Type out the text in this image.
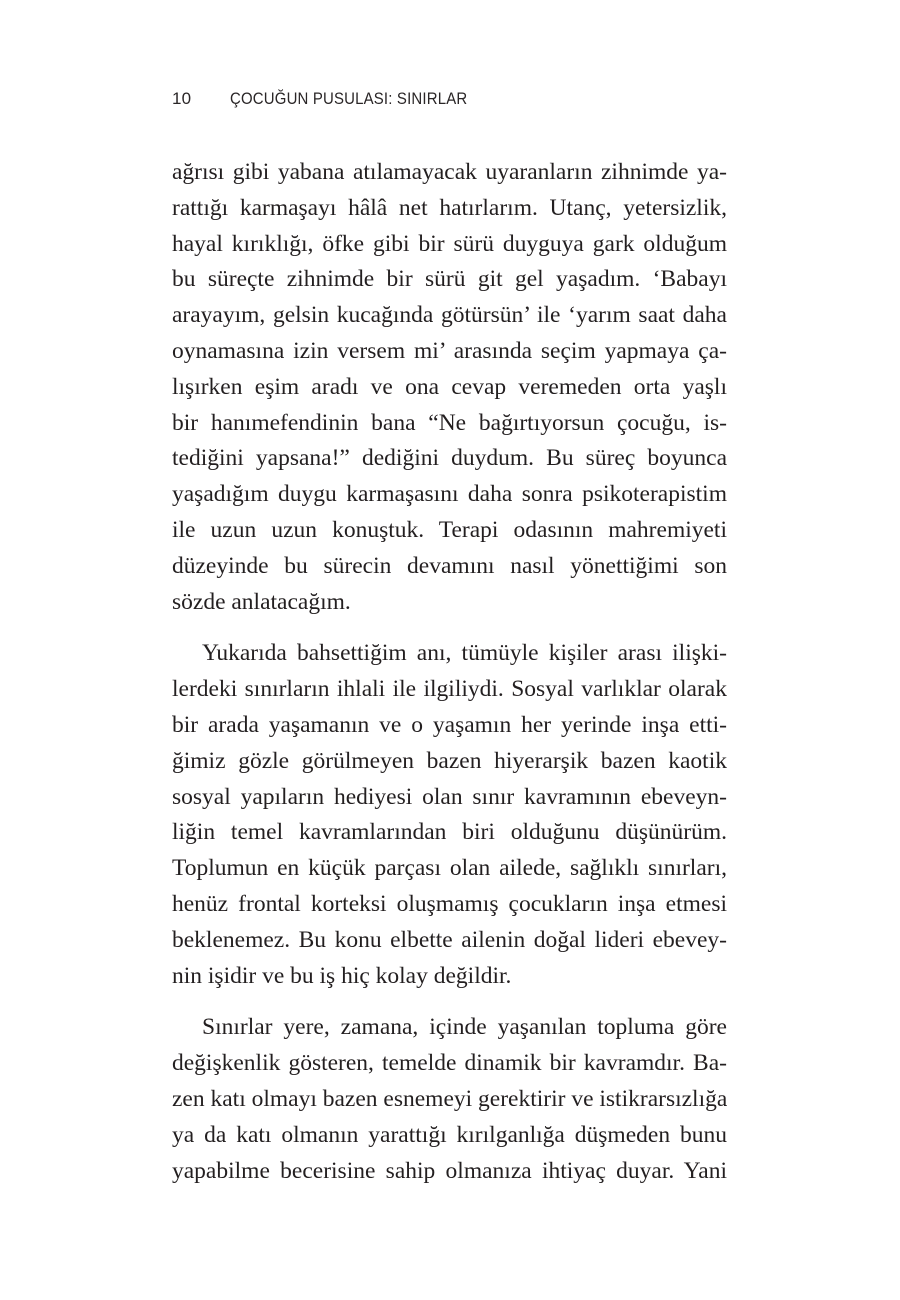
10	ÇOCUĞUN PUSULASI: SINIRLAR
ağrısı gibi yabana atılamayacak uyaranların zihnimde ya-
rattığı karmaşayı hâlâ net hatırlarım. Utanç, yetersizlik,
hayal kırıklığı, öfke gibi bir sürü duyguya gark olduğum
bu süreçte zihnimde bir sürü git gel yaşadım. ‘Babayı
arayayım, gelsin kucağında götürsün’ ile ‘yarım saat daha
oynamasına izin versem mi’ arasında seçim yapmaya ça-
lışırken eşim aradı ve ona cevap veremeden orta yaşlı
bir hanımefendinin bana “Ne bağırtıyorsun çocuğu, is-
tediğini yapsana!” dediğini duydum. Bu süreç boyunca
yaşadığım duygu karmaşasını daha sonra psikoterapistim
ile uzun uzun konuştuk. Terapi odasının mahremiyeti
düzeyinde bu sürecin devamını nasıl yönettiğimi son
sözde anlatacağım.
Yukarıda bahsettiğim anı, tümüyle kişiler arası ilişki-
lerdeki sınırların ihlali ile ilgiliydi. Sosyal varlıklar olarak
bir arada yaşamanın ve o yaşamın her yerinde inşa etti-
ğimiz gözle görülmeyen bazen hiyerarşik bazen kaotik
sosyal yapıların hediyesi olan sınır kavramının ebeveyn-
liğin temel kavramlarından biri olduğunu düşünürüm.
Toplumun en küçük parçası olan ailede, sağlıklı sınırları,
henüz frontal korteksi oluşmamış çocukların inşa etmesi
beklenemez. Bu konu elbette ailenin doğal lideri ebevey-
nin işidir ve bu iş hiç kolay değildir.
Sınırlar yere, zamana, içinde yaşanılan topluma göre
değişkenlik gösteren, temelde dinamik bir kavramdır. Ba-
zen katı olmayı bazen esnemeyi gerektirir ve istikrarsızlığa
ya da katı olmanın yarattığı kırılganlığa düşmeden bunu
yapabilme becerisine sahip olmanıza ihtiyaç duyar. Yani
